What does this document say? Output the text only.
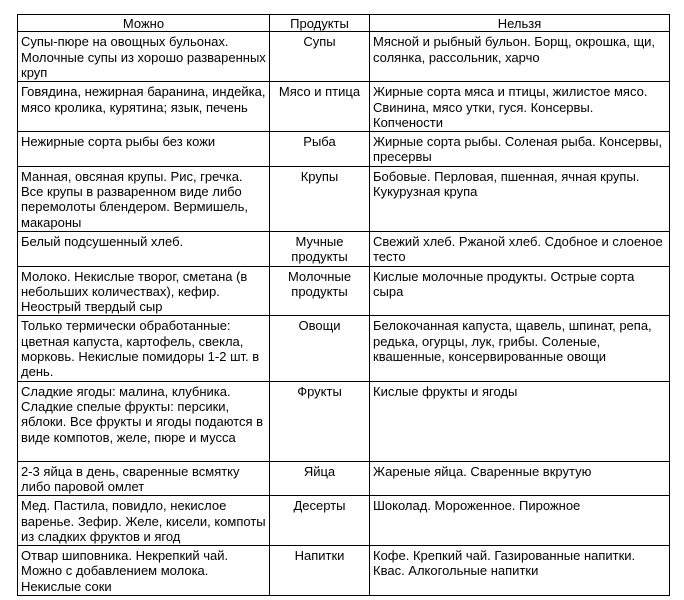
Можно	Продукты	Нельзя
Супы-пюре на овощных бульонах. Молочные супы из хорошо разваренных круп	Супы	Мясной и рыбный бульон. Борщ, окрошка, щи, солянка, рассольник, харчо
Говядина, нежирная баранина, индейка, мясо кролика, курятина; язык, печень	Мясо и птица	Жирные сорта мяса и птицы, жилистое мясо. Свинина, мясо утки, гуся. Консервы. Копчености
Нежирные сорта рыбы без кожи	Рыба	Жирные сорта рыбы. Соленая рыба. Консервы, пресервы
Манная, овсяная крупы. Рис, гречка. Все крупы в разваренном виде либо перемолоты блендером. Вермишель, макароны	Крупы	Бобовые. Перловая, пшенная, ячная крупы. Кукурузная крупа
Белый подсушенный хлеб.	Мучные продукты	Свежий хлеб. Ржаной хлеб. Сдобное и слоеное тесто
Молоко. Некислые творог, сметана (в небольших количествах), кефир. Неострый твердый сыр	Молочные продукты	Кислые молочные продукты. Острые сорта сыра
Только термически обработанные: цветная капуста, картофель, свекла, морковь. Некислые помидоры 1-2 шт. в день.	Овощи	Белокочанная капуста, щавель, шпинат, репа, редька, огурцы, лук, грибы. Соленые, квашенные, консервированные овощи
Сладкие ягоды: малина, клубника. Сладкие спелые фрукты: персики, яблоки. Все фрукты и ягоды подаются в виде компотов, желе, пюре и мусса	Фрукты	Кислые фрукты и ягоды
2-3 яйца в день, сваренные всмятку либо паровой омлет	Яйца	Жареные яйца. Сваренные вкрутую
Мед. Пастила, повидло, некислое варенье. Зефир. Желе, кисели, компоты из сладких фруктов и ягод	Десерты	Шоколад. Мороженное. Пирожное
Отвар шиповника. Некрепкий чай. Можно с добавлением молока. Некислые соки	Напитки	Кофе. Крепкий чай. Газированные напитки. Квас. Алкогольные напитки
